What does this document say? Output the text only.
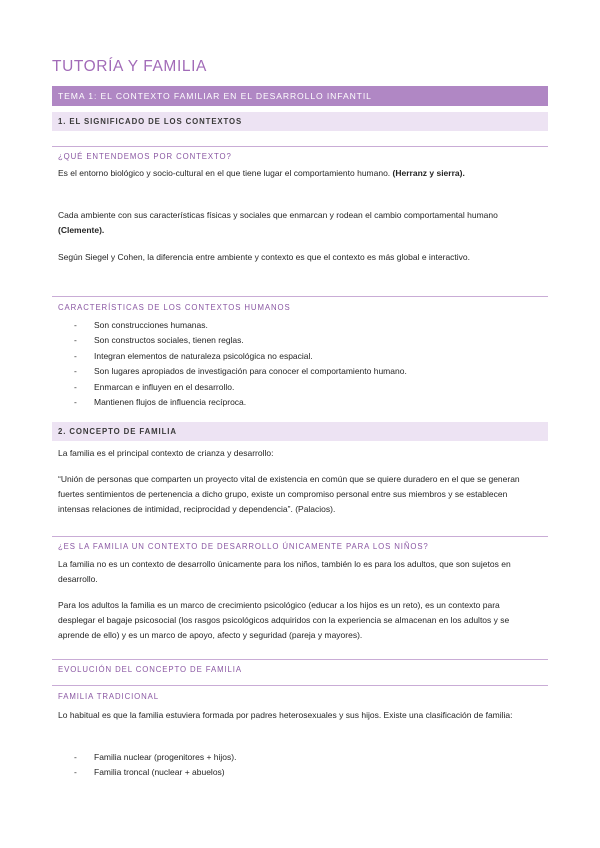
TUTORÍA Y FAMILIA
TEMA 1: EL CONTEXTO FAMILIAR EN EL DESARROLLO INFANTIL
1. EL SIGNIFICADO DE LOS CONTEXTOS
¿QUÉ ENTENDEMOS POR CONTEXTO?
Es el entorno biológico y socio-cultural en el que tiene lugar el comportamiento humano. (Herranz y sierra).
Cada ambiente con sus características físicas y sociales que enmarcan y rodean el cambio comportamental humano (Clemente).
Según Siegel y Cohen, la diferencia entre ambiente y contexto es que el contexto es más global e interactivo.
CARACTERÍSTICAS DE LOS CONTEXTOS HUMANOS
- Son construcciones humanas.
- Son constructos sociales, tienen reglas.
- Integran elementos de naturaleza psicológica no espacial.
- Son lugares apropiados de investigación para conocer el comportamiento humano.
- Enmarcan e influyen en el desarrollo.
- Mantienen flujos de influencia recíproca.
2. CONCEPTO DE FAMILIA
La familia es el principal contexto de crianza y desarrollo:
“Unión de personas que comparten un proyecto vital de existencia en común que se quiere duradero en el que se generan fuertes sentimientos de pertenencia a dicho grupo, existe un compromiso personal entre sus miembros y se establecen intensas relaciones de intimidad, reciprocidad y dependencia”. (Palacios).
¿ES LA FAMILIA UN CONTEXTO DE DESARROLLO ÚNICAMENTE PARA LOS NIÑOS?
La familia no es un contexto de desarrollo únicamente para los niños, también lo es para los adultos, que son sujetos en desarrollo.
Para los adultos la familia es un marco de crecimiento psicológico (educar a los hijos es un reto), es un contexto para desplegar el bagaje psicosocial (los rasgos psicológicos adquiridos con la experiencia se almacenan en los adultos y se aprende de ello) y es un marco de apoyo, afecto y seguridad (pareja y mayores).
EVOLUCIÓN DEL CONCEPTO DE FAMILIA
FAMILIA TRADICIONAL
Lo habitual es que la familia estuviera formada por padres heterosexuales y sus hijos. Existe una clasificación de familia:
- Familia nuclear (progenitores + hijos).
- Familia troncal (nuclear + abuelos)
